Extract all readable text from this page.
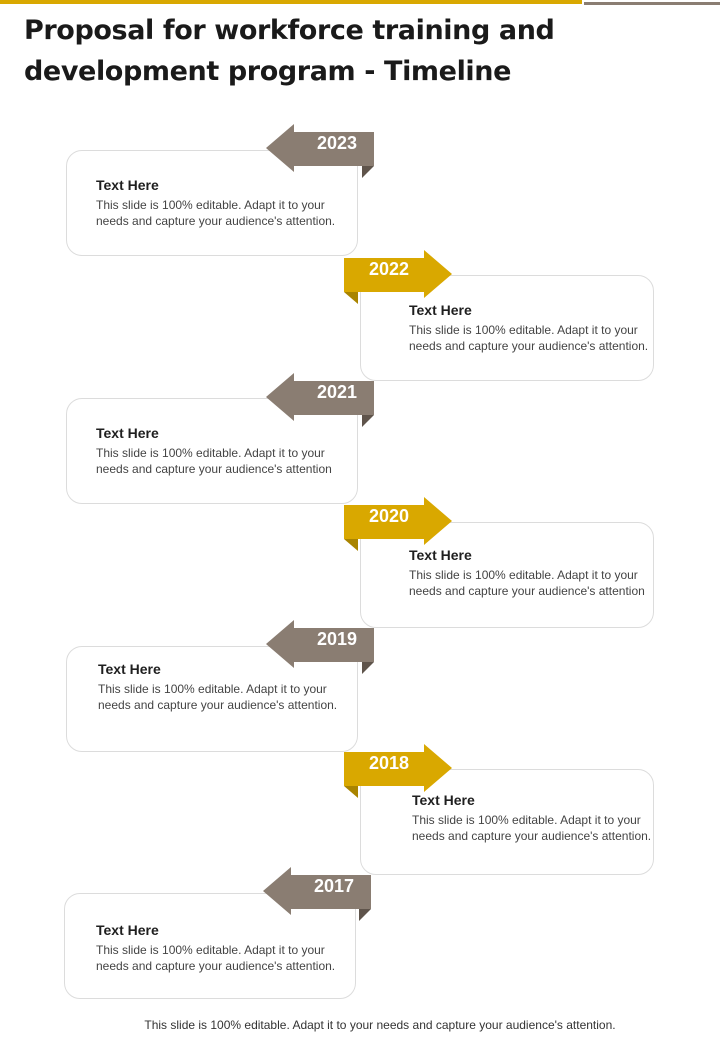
Proposal for workforce training and development program - Timeline

Text Here

This slide is 100% editable. Adapt it to your needs and capture your audience's attention.

2023

Text Here

This slide is 100% editable. Adapt it to your needs and capture your audience's attention.

2022

Text Here

This slide is 100% editable. Adapt it to your needs and capture your audience's attention

2021

Text Here

This slide is 100% editable. Adapt it to your needs and capture your audience's attention

2020

Text Here

This slide is 100% editable. Adapt it to your needs and capture your audience's attention.

2019

Text Here

This slide is 100% editable. Adapt it to your needs and capture your audience's attention.

2018

Text Here

This slide is 100% editable. Adapt it to your needs and capture your audience's attention.

2017

This slide is 100% editable. Adapt it to your needs and capture your audience's attention.
